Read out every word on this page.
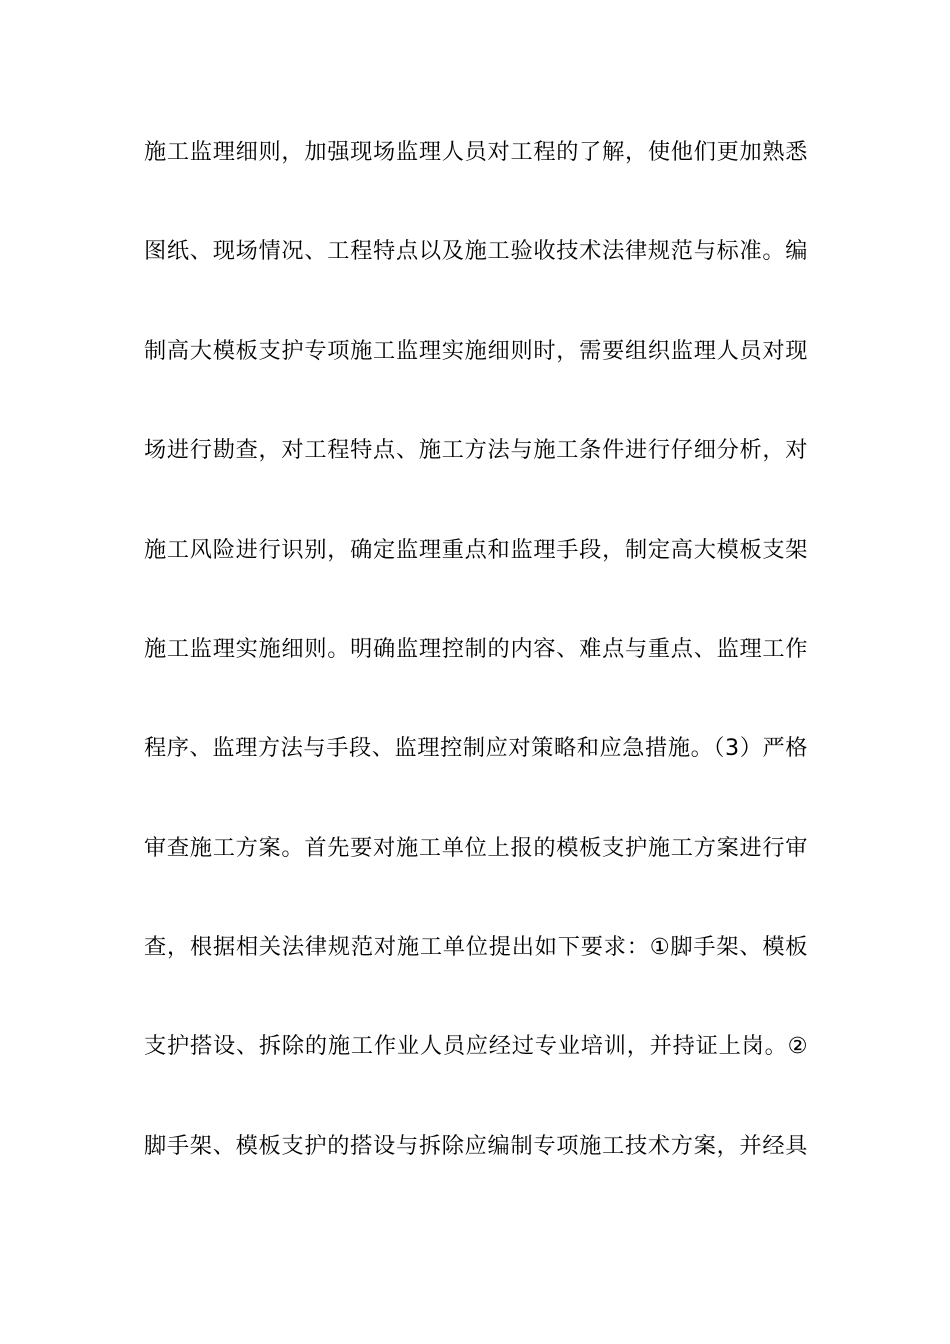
施工监理细则，加强现场监理人员对工程的了解，使他们更加熟悉
图纸、现场情况、工程特点以及施工验收技术法律规范与标准。编
制高大模板支护专项施工监理实施细则时，需要组织监理人员对现
场进行勘查，对工程特点、施工方法与施工条件进行仔细分析，对
施工风险进行识别，确定监理重点和监理手段，制定高大模板支架
施工监理实施细则。明确监理控制的内容、难点与重点、监理工作
程序、监理方法与手段、监理控制应对策略和应急措施。（3）严格
审查施工方案。首先要对施工单位上报的模板支护施工方案进行审
查，根据相关法律规范对施工单位提出如下要求：①脚手架、模板
支护搭设、拆除的施工作业人员应经过专业培训，并持证上岗。②
脚手架、模板支护的搭设与拆除应编制专项施工技术方案，并经具
